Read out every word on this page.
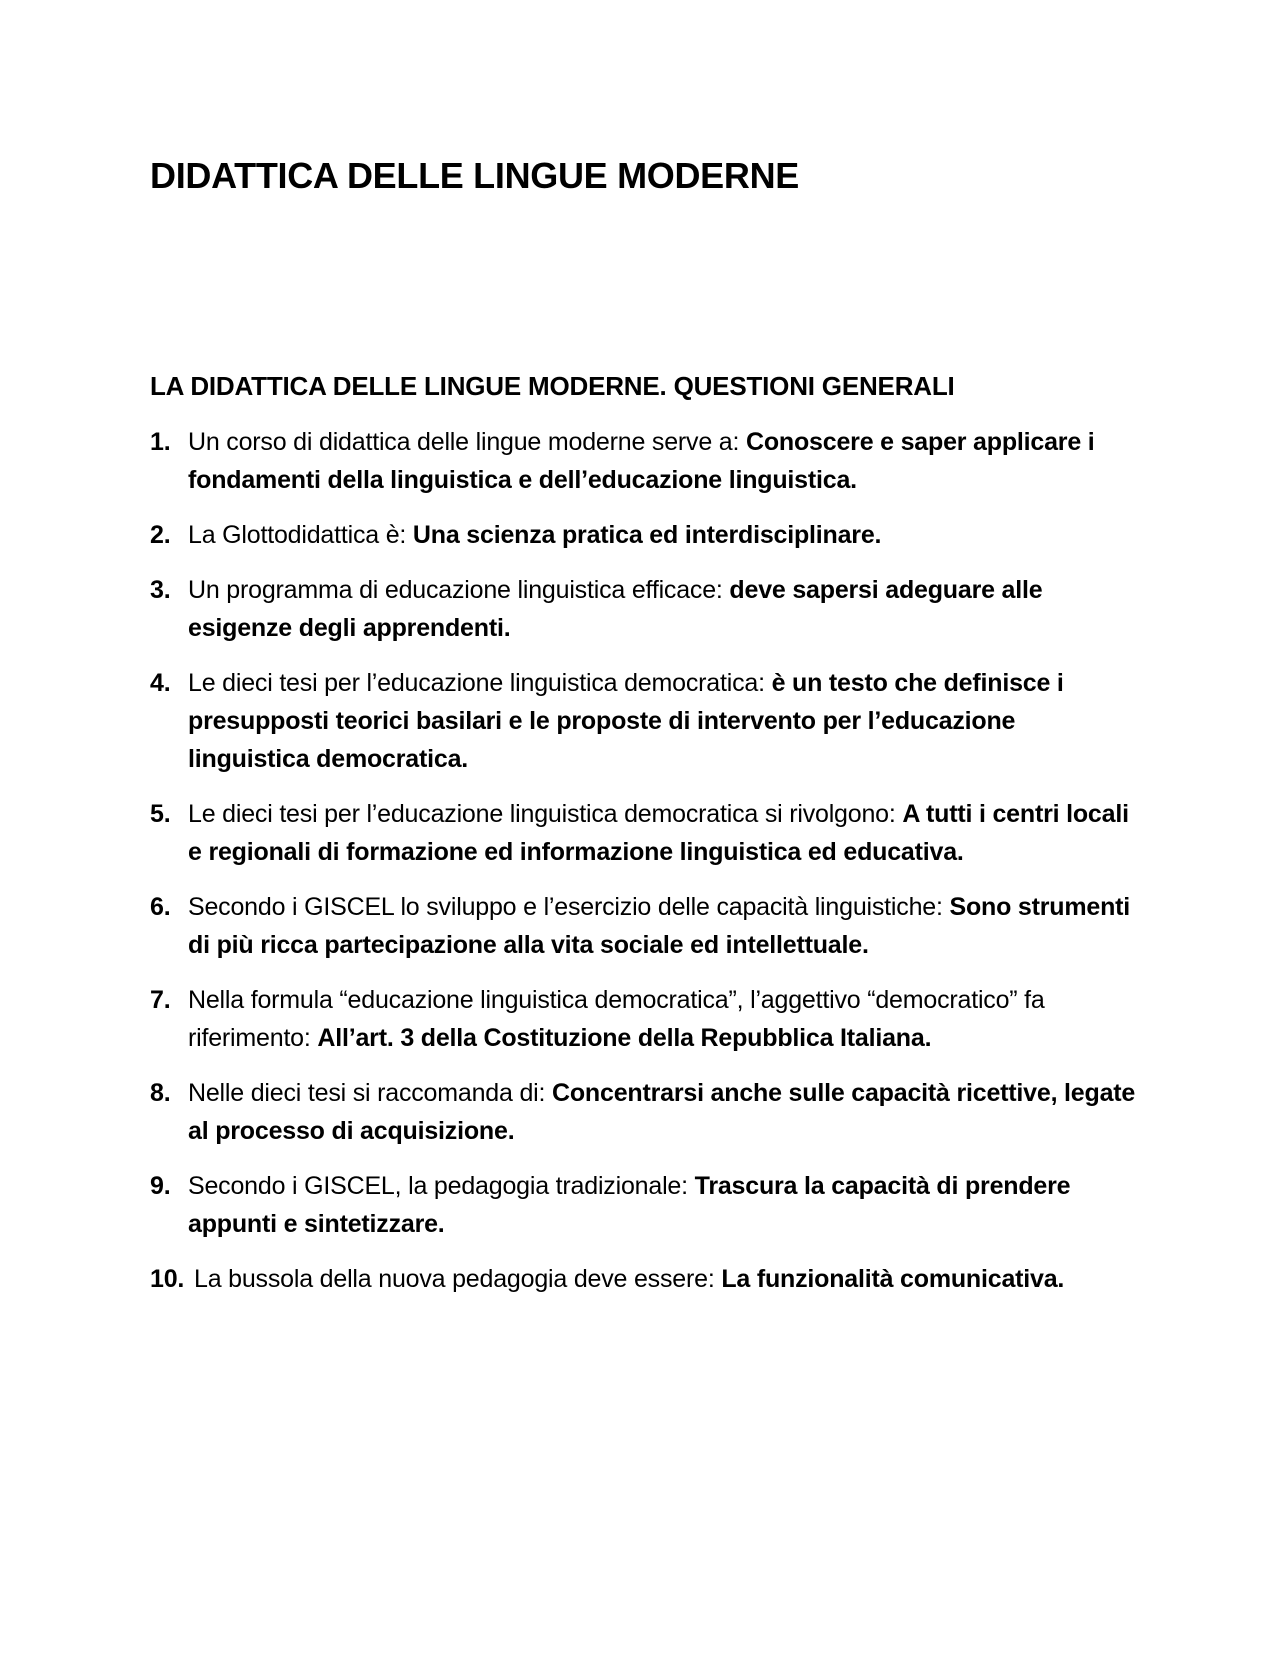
DIDATTICA DELLE LINGUE MODERNE
LA DIDATTICA DELLE LINGUE MODERNE. QUESTIONI GENERALI
1. Un corso di didattica delle lingue moderne serve a: Conoscere e saper applicare i fondamenti della linguistica e dell’educazione linguistica.
2. La Glottodidattica è: Una scienza pratica ed interdisciplinare.
3. Un programma di educazione linguistica efficace: deve sapersi adeguare alle esigenze degli apprendenti.
4. Le dieci tesi per l’educazione linguistica democratica: è un testo che definisce i presupposti teorici basilari e le proposte di intervento per l’educazione linguistica democratica.
5. Le dieci tesi per l’educazione linguistica democratica si rivolgono: A tutti i centri locali e regionali di formazione ed informazione linguistica ed educativa.
6. Secondo i GISCEL lo sviluppo e l’esercizio delle capacità linguistiche: Sono strumenti di più ricca partecipazione alla vita sociale ed intellettuale.
7. Nella formula “educazione linguistica democratica”, l’aggettivo “democratico” fa riferimento: All’art. 3 della Costituzione della Repubblica Italiana.
8. Nelle dieci tesi si raccomanda di: Concentrarsi anche sulle capacità ricettive, legate al processo di acquisizione.
9. Secondo i GISCEL, la pedagogia tradizionale: Trascura la capacità di prendere appunti e sintetizzare.
10. La bussola della nuova pedagogia deve essere: La funzionalità comunicativa.
